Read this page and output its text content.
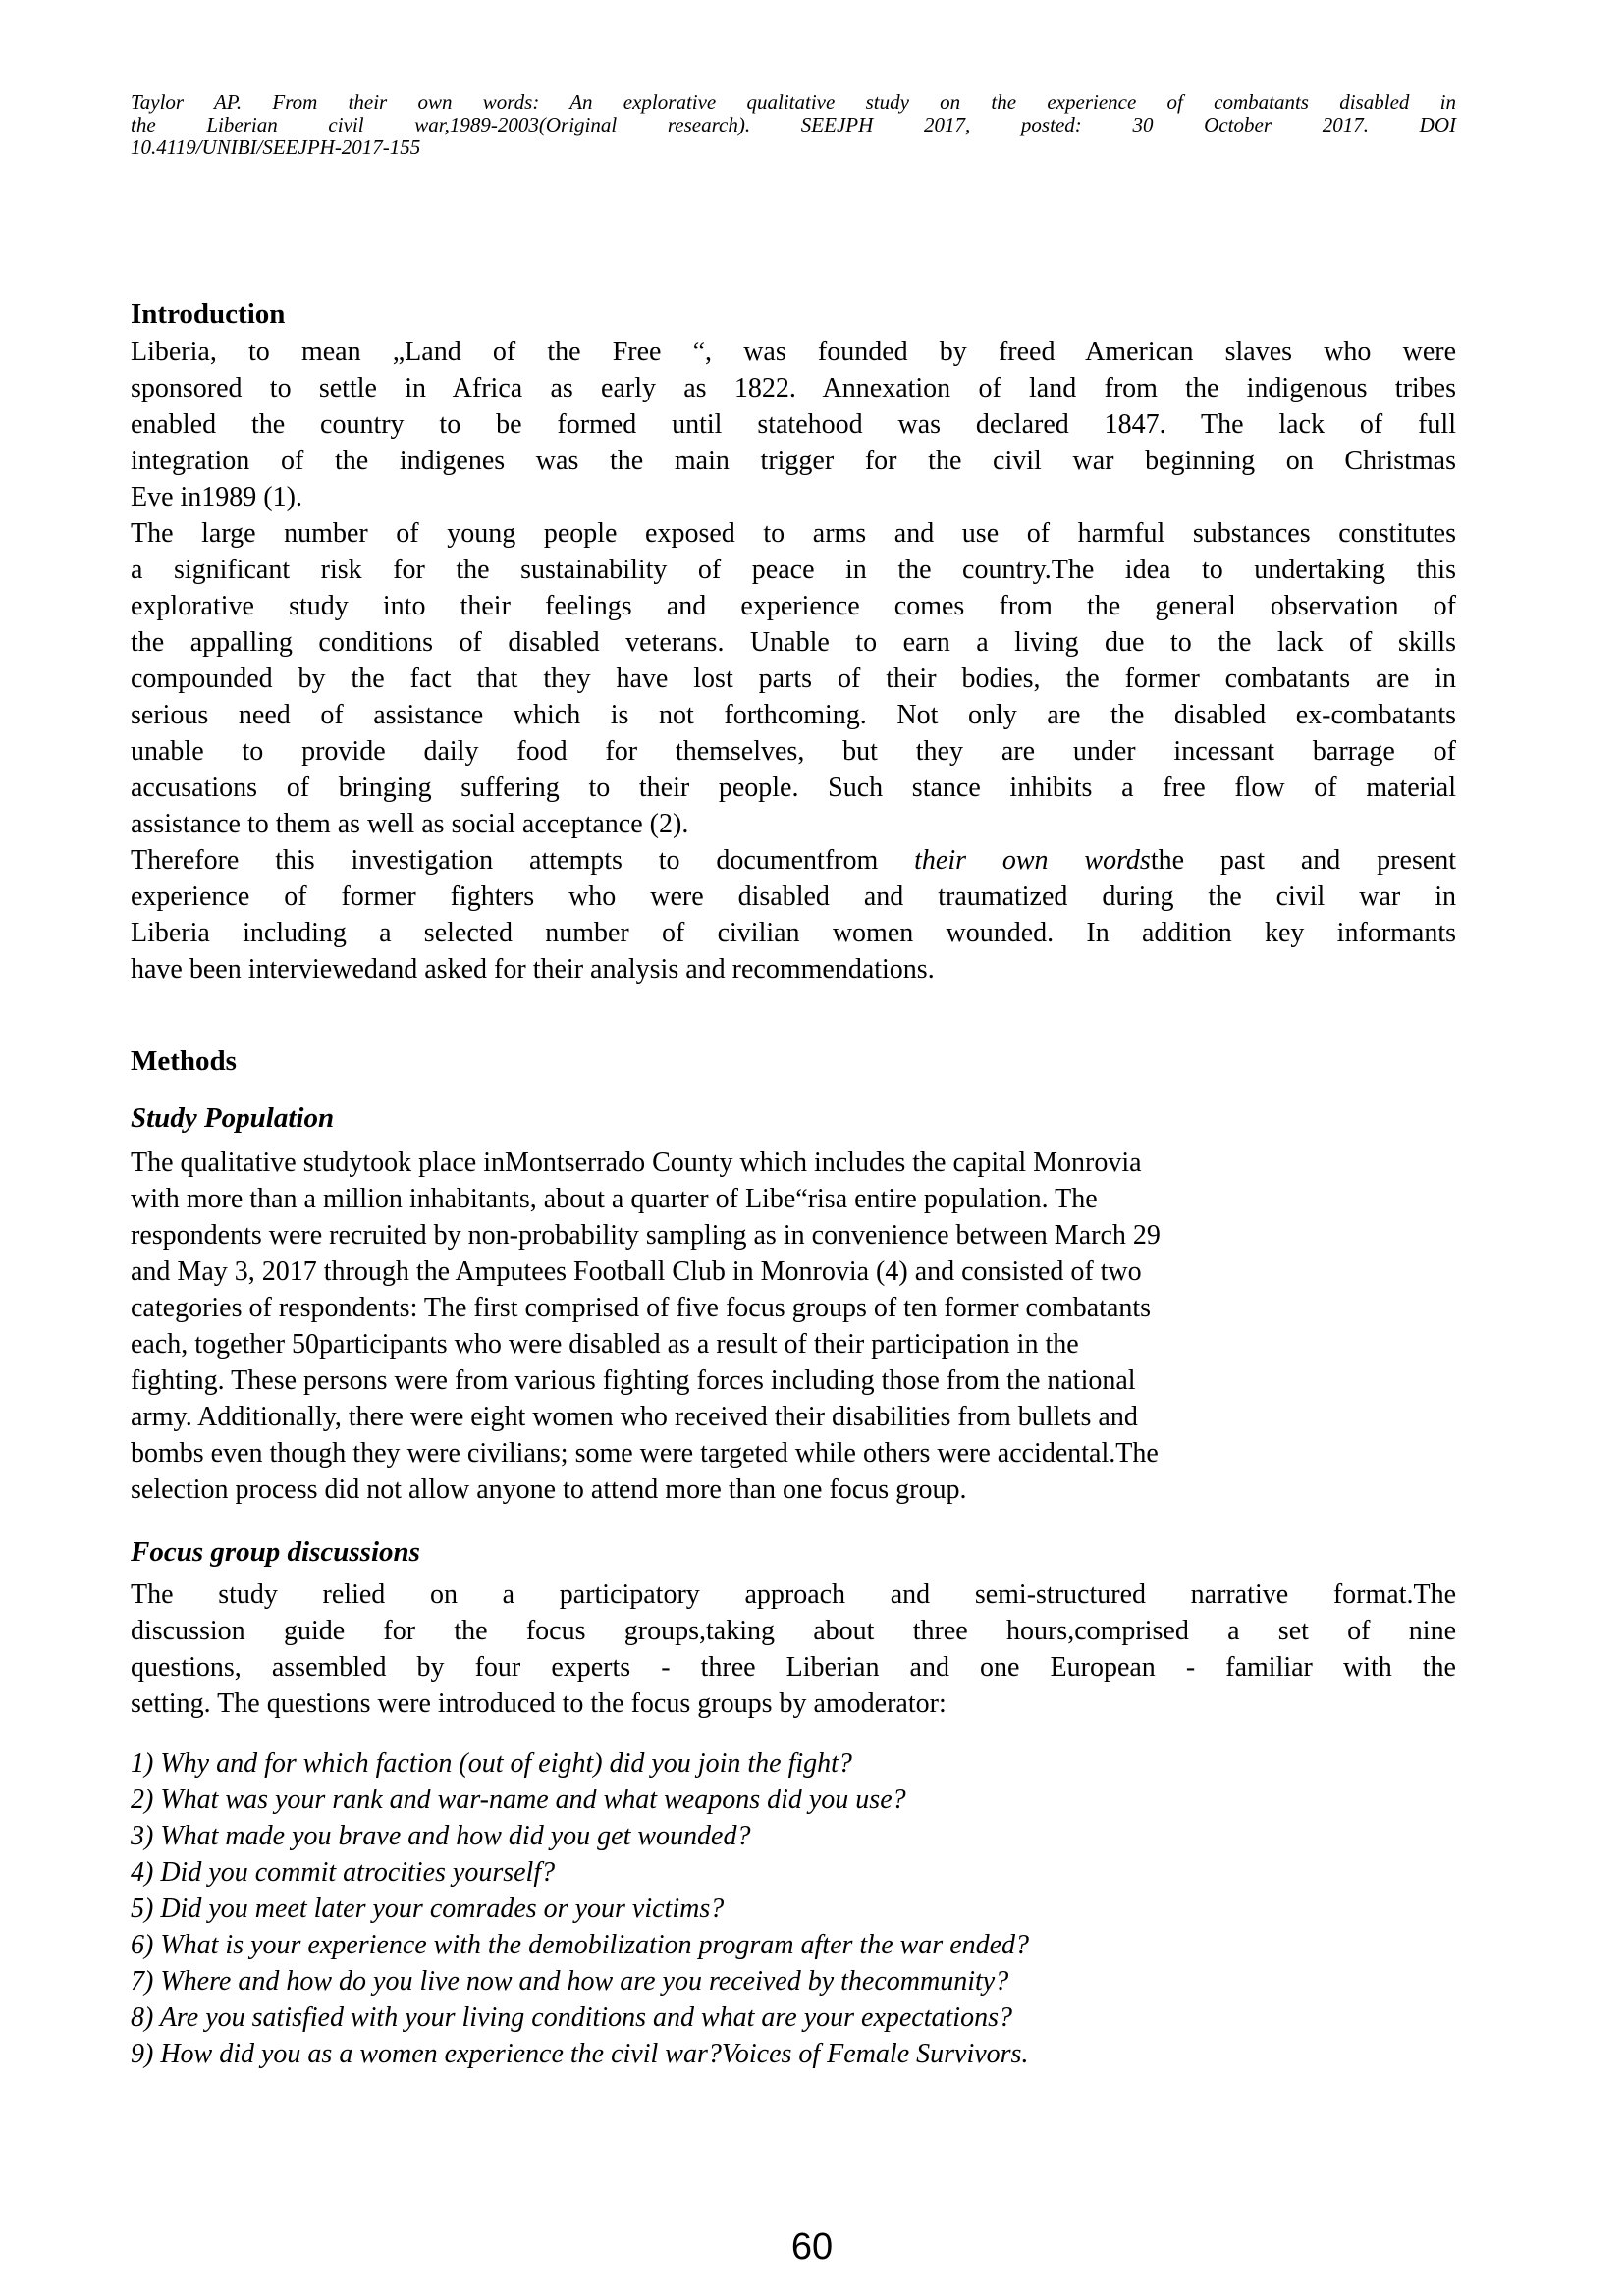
Taylor AP. From their own words: An explorative qualitative study on the experience of combatants disabled in
the Liberian civil war,1989-2003(Original research). SEEJPH 2017, posted: 30 October 2017. DOI
10.4119/UNIBI/SEEJPH-2017-155
Introduction
Liberia, to mean „Land of the Free “, was founded by freed American slaves who were
sponsored to settle in Africa as early as 1822. Annexation of land from the indigenous tribes
enabled the country to be formed until statehood was declared 1847. The lack of full
integration of the indigenes was the main trigger for the civil war beginning on Christmas
Eve in1989 (1).
The large number of young people exposed to arms and use of harmful substances constitutes
a significant risk for the sustainability of peace in the country.The idea to undertaking this
explorative study into their feelings and experience comes from the general observation of
the appalling conditions of disabled veterans. Unable to earn a living due to the lack of skills
compounded by the fact that they have lost parts of their bodies, the former combatants are in
serious need of assistance which is not forthcoming. Not only are the disabled ex-combatants
unable to provide daily food for themselves, but they are under incessant barrage of
accusations of bringing suffering to their people. Such stance inhibits a free flow of material
assistance to them as well as social acceptance (2).
Therefore this investigation attempts to documentfrom their own wordsthe past and present
experience of former fighters who were disabled and traumatized during the civil war in
Liberia including a selected number of civilian women wounded. In addition key informants
have been interviewedand asked for their analysis and recommendations.
Methods
Study Population
The qualitative studytook place inMontserrado County which includes the capital Monrovia
with more than a million inhabitants, about a quarter of Libe“risa entire population. The
respondents were recruited by non-probability sampling as in convenience between March 29
and May 3, 2017 through the Amputees Football Club in Monrovia (4) and consisted of two
categories of respondents: The first comprised of five focus groups of ten former combatants
each, together 50participants who were disabled as a result of their participation in the
fighting. These persons were from various fighting forces including those from the national
army. Additionally, there were eight women who received their disabilities from bullets and
bombs even though they were civilians; some were targeted while others were accidental.The
selection process did not allow anyone to attend more than one focus group.
Focus group discussions
The study relied on a participatory approach and semi-structured narrative format.The
discussion guide for the focus groups,taking about three hours,comprised a set of nine
questions, assembled by four experts - three Liberian and one European - familiar with the
setting. The questions were introduced to the focus groups by amoderator:
1) Why and for which faction (out of eight) did you join the fight?
2) What was your rank and war-name and what weapons did you use?
3) What made you brave and how did you get wounded?
4) Did you commit atrocities yourself?
5) Did you meet later your comrades or your victims?
6) What is your experience with the demobilization program after the war ended?
7) Where and how do you live now and how are you received by thecommunity?
8) Are you satisfied with your living conditions and what are your expectations?
9) How did you as a women experience the civil war?Voices of Female Survivors.
60
